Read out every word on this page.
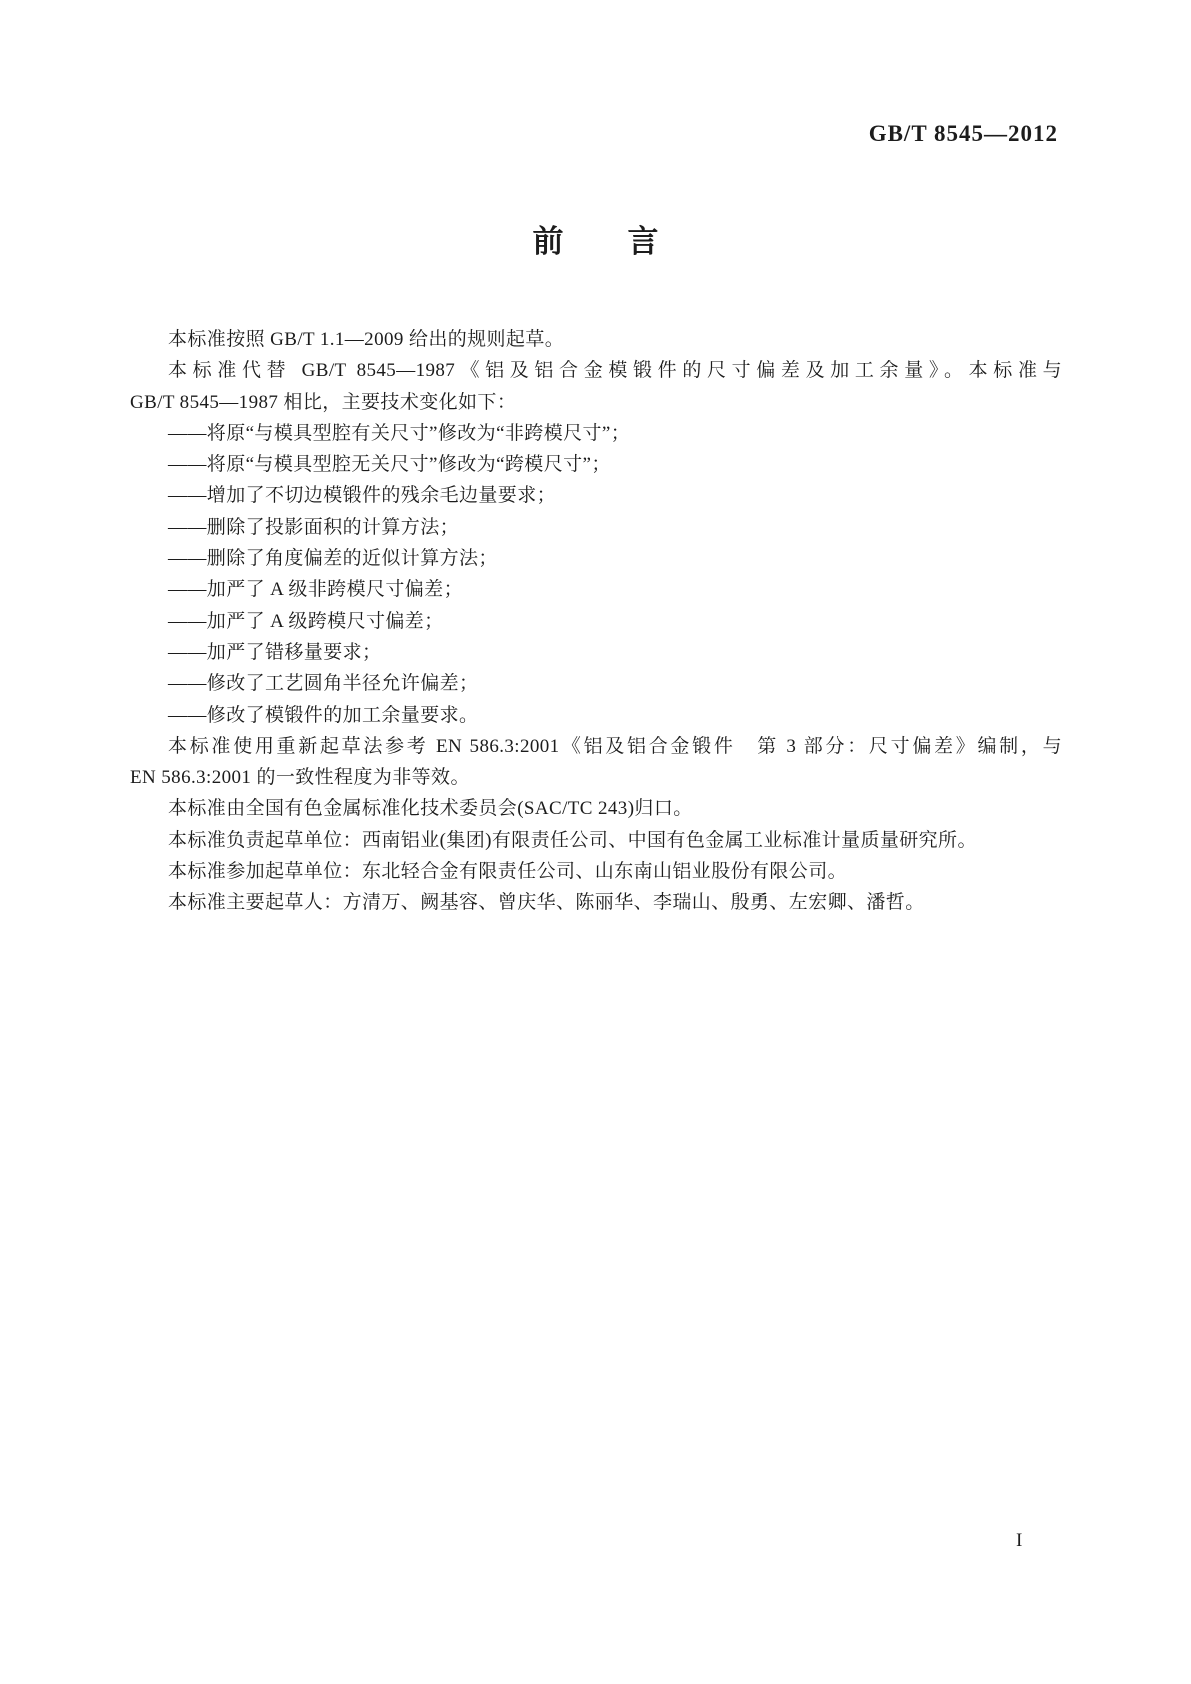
GB/T 8545—2012
前 言
本标准按照 GB/T 1.1—2009 给出的规则起草。
本标准代替 GB/T 8545—1987《铝及铝合金模锻件的尺寸偏差及加工余量》。本标准与
GB/T 8545—1987 相比，主要技术变化如下：
——将原“与模具型腔有关尺寸”修改为“非跨模尺寸”；
——将原“与模具型腔无关尺寸”修改为“跨模尺寸”；
——增加了不切边模锻件的残余毛边量要求；
——删除了投影面积的计算方法；
——删除了角度偏差的近似计算方法；
——加严了 A 级非跨模尺寸偏差；
——加严了 A 级跨模尺寸偏差；
——加严了错移量要求；
——修改了工艺圆角半径允许偏差；
——修改了模锻件的加工余量要求。
本标准使用重新起草法参考 EN 586.3:2001《铝及铝合金锻件　第 3 部分：尺寸偏差》编制，与
EN 586.3:2001 的一致性程度为非等效。
本标准由全国有色金属标准化技术委员会(SAC/TC 243)归口。
本标准负责起草单位：西南铝业(集团)有限责任公司、中国有色金属工业标准计量质量研究所。
本标准参加起草单位：东北轻合金有限责任公司、山东南山铝业股份有限公司。
本标准主要起草人：方清万、阙基容、曾庆华、陈丽华、李瑞山、殷勇、左宏卿、潘哲。
I
